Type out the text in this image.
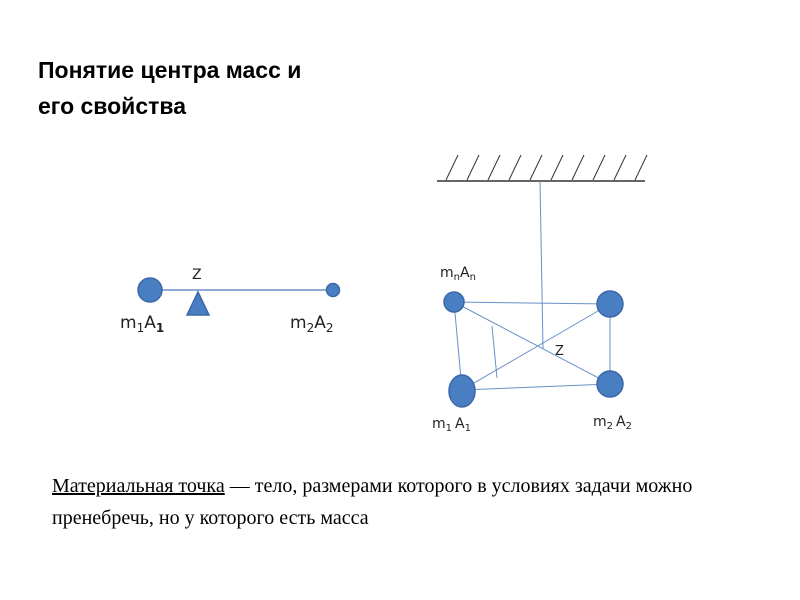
Понятие центра масс и
его свойства
Z
$m_1A_1$	$m_2A_2$
Z
$m_nA_n$
$m_1$ $A_1$	$m_2$ $A_2$
Материальная точка — тело, размерами которого в условиях задачи можно пренебречь, но у которого есть масса
